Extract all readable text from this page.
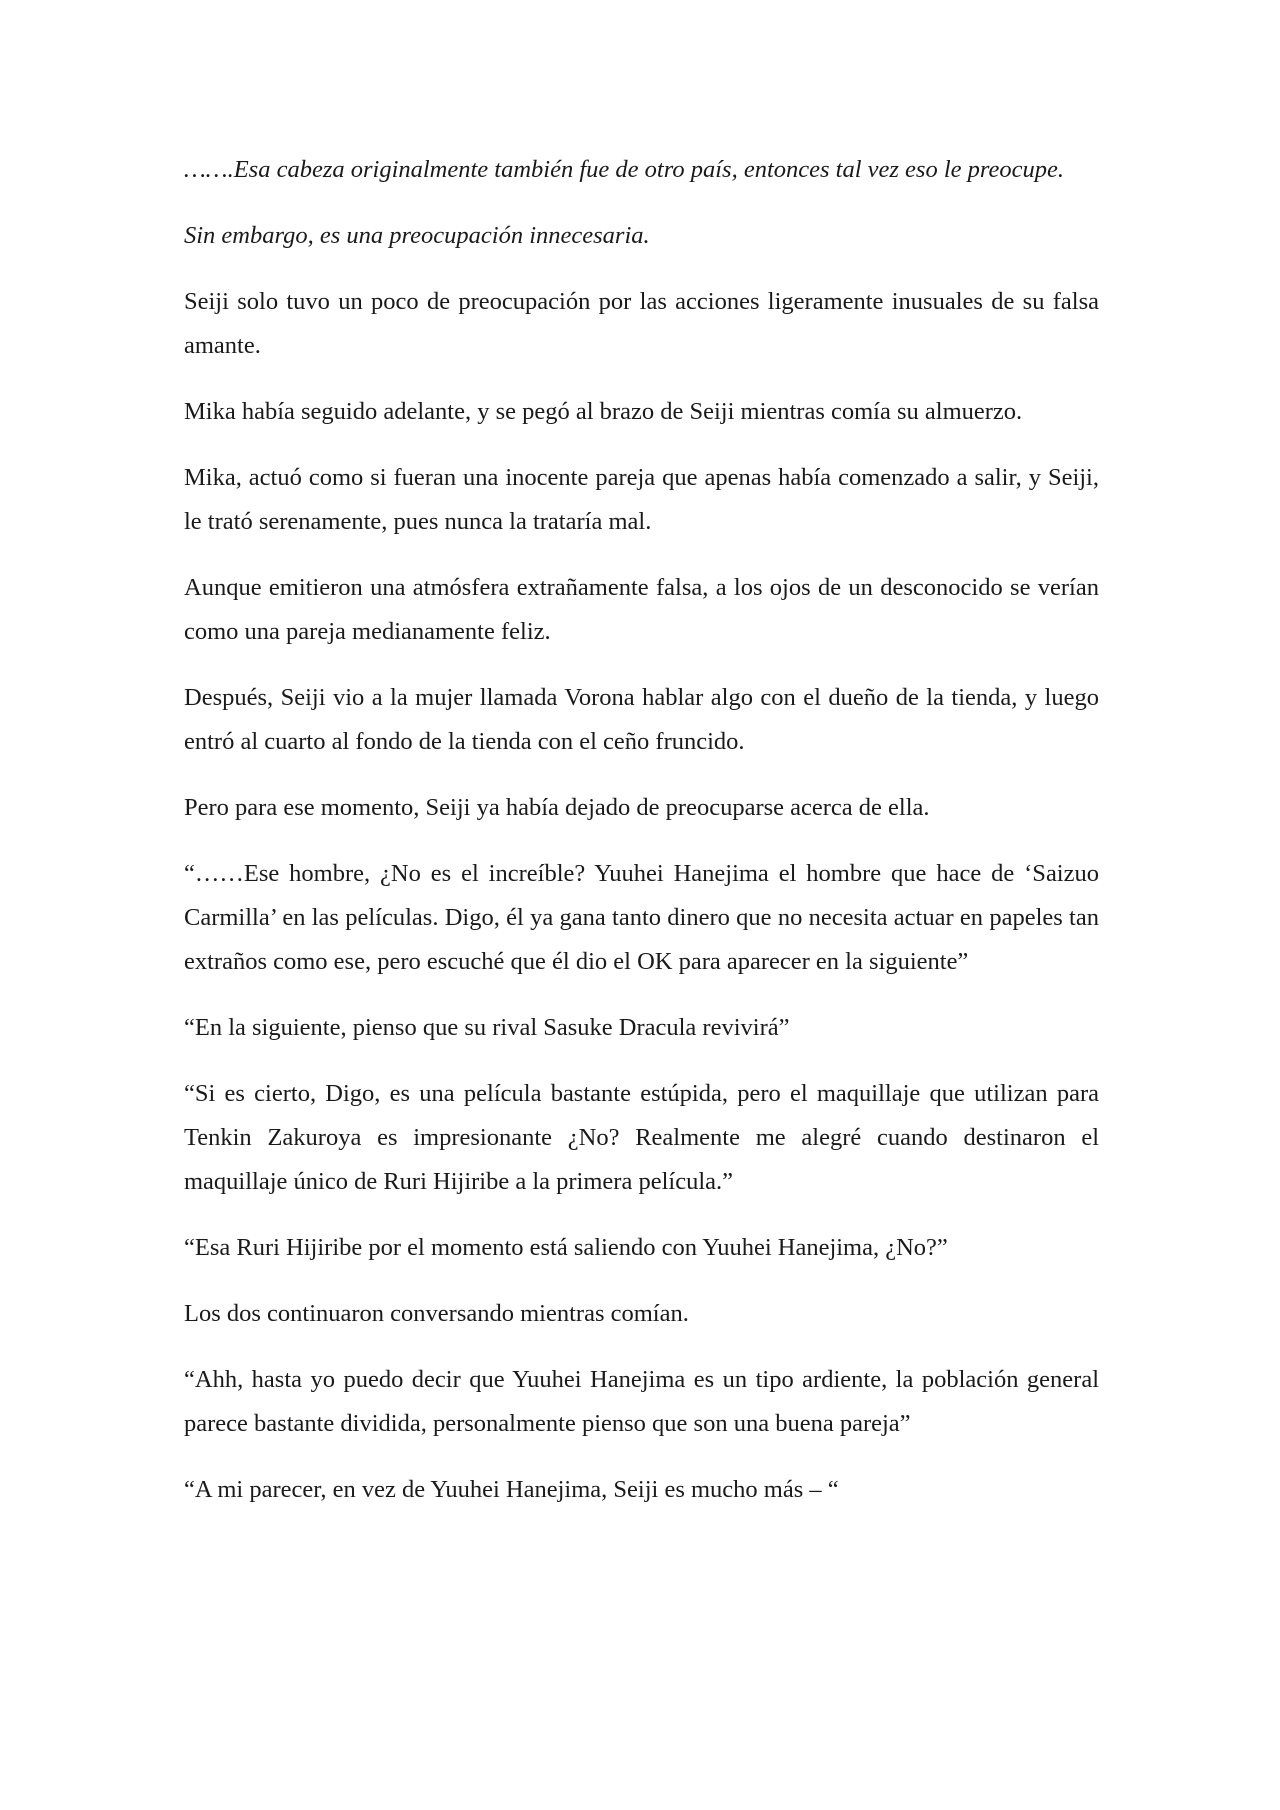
…….Esa cabeza originalmente también fue de otro país, entonces tal vez eso le preocupe.

Sin embargo, es una preocupación innecesaria.

Seiji solo tuvo un poco de preocupación por las acciones ligeramente inusuales de su falsa amante.

Mika había seguido adelante, y se pegó al brazo de Seiji mientras comía su almuerzo.

Mika, actuó como si fueran una inocente pareja que apenas había comenzado a salir, y Seiji, le trató serenamente, pues nunca la trataría mal.

Aunque emitieron una atmósfera extrañamente falsa, a los ojos de un desconocido se verían como una pareja medianamente feliz.

Después, Seiji vio a la mujer llamada Vorona hablar algo con el dueño de la tienda, y luego entró al cuarto al fondo de la tienda con el ceño fruncido.

Pero para ese momento, Seiji ya había dejado de preocuparse acerca de ella.

“……Ese hombre, ¿No es el increíble? Yuuhei Hanejima el hombre que hace de ‘Saizuo Carmilla’ en las películas. Digo, él ya gana tanto dinero que no necesita actuar en papeles tan extraños como ese, pero escuché que él dio el OK para aparecer en la siguiente”

“En la siguiente, pienso que su rival Sasuke Dracula revivirá”

“Si es cierto, Digo, es una película bastante estúpida, pero el maquillaje que utilizan para Tenkin Zakuroya es impresionante ¿No? Realmente me alegré cuando destinaron el maquillaje único de Ruri Hijiribe a la primera película.”

“Esa Ruri Hijiribe por el momento está saliendo con Yuuhei Hanejima, ¿No?”

Los dos continuaron conversando mientras comían.

“Ahh, hasta yo puedo decir que Yuuhei Hanejima es un tipo ardiente, la población general parece bastante dividida, personalmente pienso que son una buena pareja”

“A mi parecer, en vez de Yuuhei Hanejima, Seiji es mucho más – “
